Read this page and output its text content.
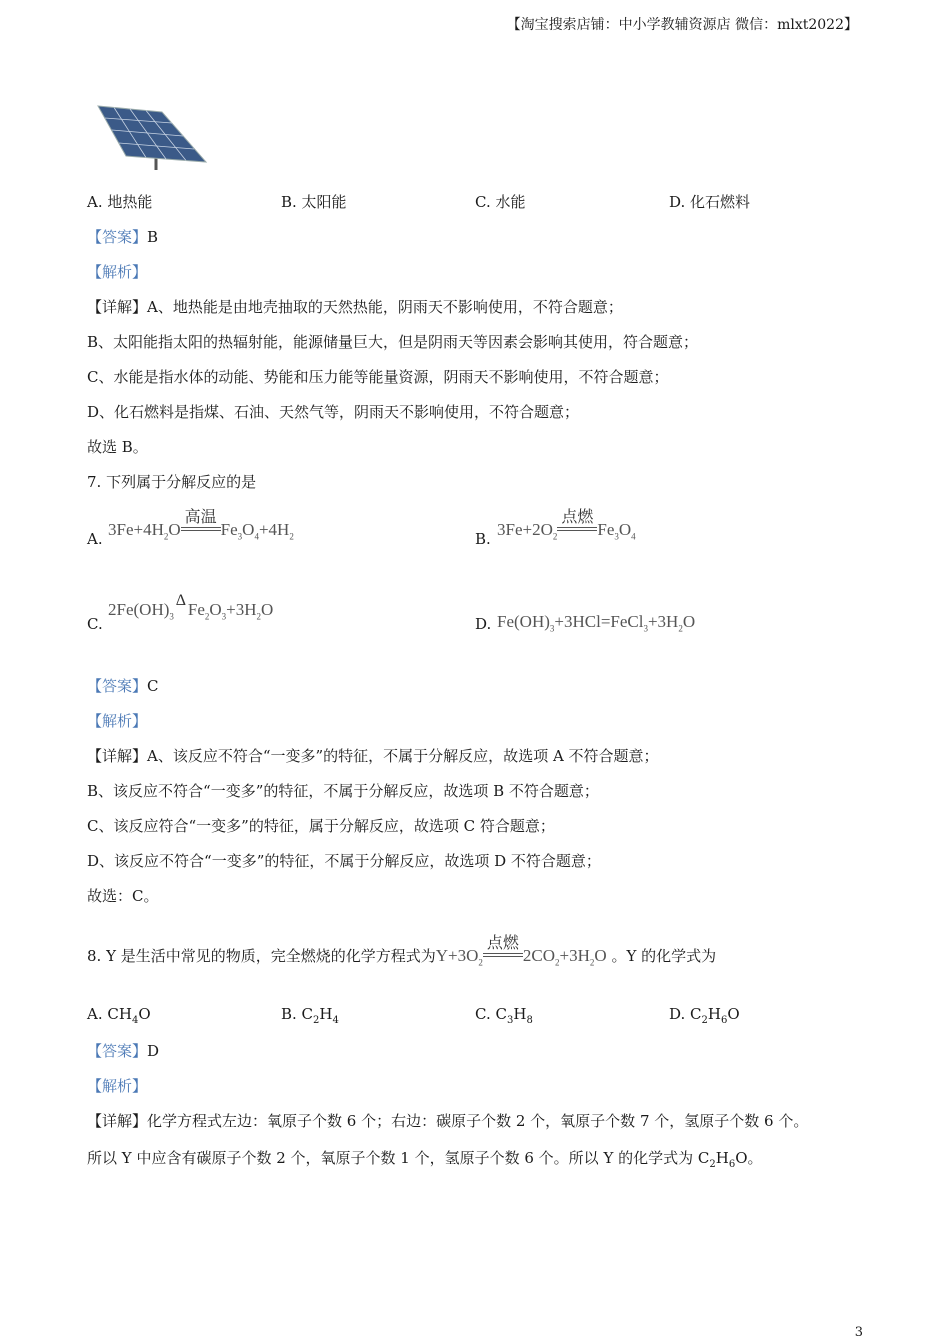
【淘宝搜索店铺：中小学教辅资源店 微信：mlxt2022】
A. 地热能	B. 太阳能	C. 水能	D. 化石燃料
【答案】B
【解析】
【详解】A、地热能是由地壳抽取的天然热能，阴雨天不影响使用，不符合题意；
B、太阳能指太阳的热辐射能，能源储量巨大，但是阴雨天等因素会影响其使用，符合题意；
C、水能是指水体的动能、势能和压力能等能量资源，阴雨天不影响使用，不符合题意；
D、化石燃料是指煤、石油、天然气等，阴雨天不影响使用，不符合题意；
故选 B。
7. 下列属于分解反应的是
A. $3Fe+4H_2O$
高温
$Fe_3O_4+4H_2$	B. $3Fe+2O_2$
点燃
$Fe_3O_4$
C.
$2Fe(OH)_3$
Δ $Fe_2O_3+3H_2O$
D. $Fe(OH)_3+3HCl=FeCl_3+3H_2O$
【答案】C
【解析】
【详解】A、该反应不符合“一变多”的特征，不属于分解反应，故选项 A 不符合题意；
B、该反应不符合“一变多”的特征，不属于分解反应，故选项 B 不符合题意；
C、该反应符合“一变多”的特征，属于分解反应，故选项 C 符合题意；
D、该反应不符合“一变多”的特征，不属于分解反应，故选项 D 不符合题意；
故选：C。
8. Y 是生活中常见的物质，完全燃烧的化学方程式为$Y+3O_2$
点燃
$2CO_2+3H_2O$ 。Y 的化学式为
A. $CH_4O$	B. $C_2H_4$	C. $C_3H_8$	D. $C_2H_6O$
【答案】D
【解析】
【详解】化学方程式左边：氧原子个数 6 个；右边：碳原子个数 2 个，氧原子个数 7 个，氢原子个数 6 个。
所以 Y 中应含有碳原子个数 2 个，氧原子个数 1 个，氢原子个数 6 个。所以 Y 的化学式为 $C_2H_6O$。
3
